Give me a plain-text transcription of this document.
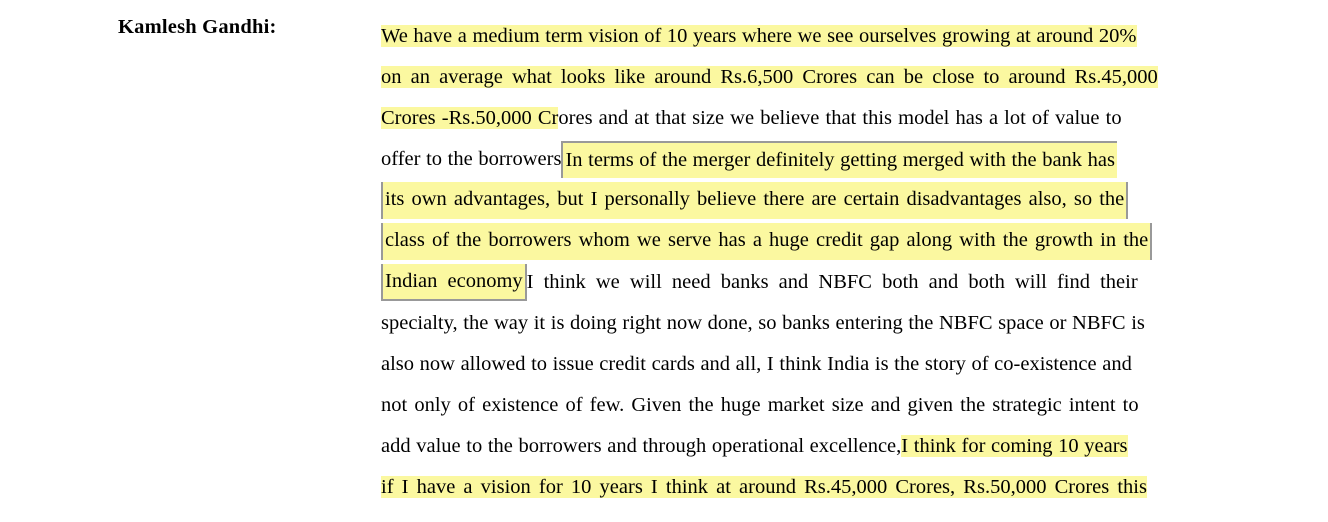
Kamlesh Gandhi:	We have a medium term vision of 10 years where we see ourselves growing at around 20%
on an average what looks like around Rs.6,500 Crores can be close to around Rs.45,000
Crores -Rs.50,000 Crores and at that size we believe that this model has a lot of value to
offer to the borrowers In terms of the merger definitely getting merged with the bank has
its own advantages, but I personally believe there are certain disadvantages also, so the
class of the borrowers whom we serve has a huge credit gap along with the growth in the
Indian economy I think we will need banks and NBFC both and both will find their
specialty, the way it is doing right now done, so banks entering the NBFC space or NBFC is
also now allowed to issue credit cards and all, I think India is the story of co-existence and
not only of existence of few. Given the huge market size and given the strategic intent to
add value to the borrowers and through operational excellence,I think for coming 10 years
if I have a vision for 10 years I think at around Rs.45,000 Crores, Rs.50,000 Crores this
